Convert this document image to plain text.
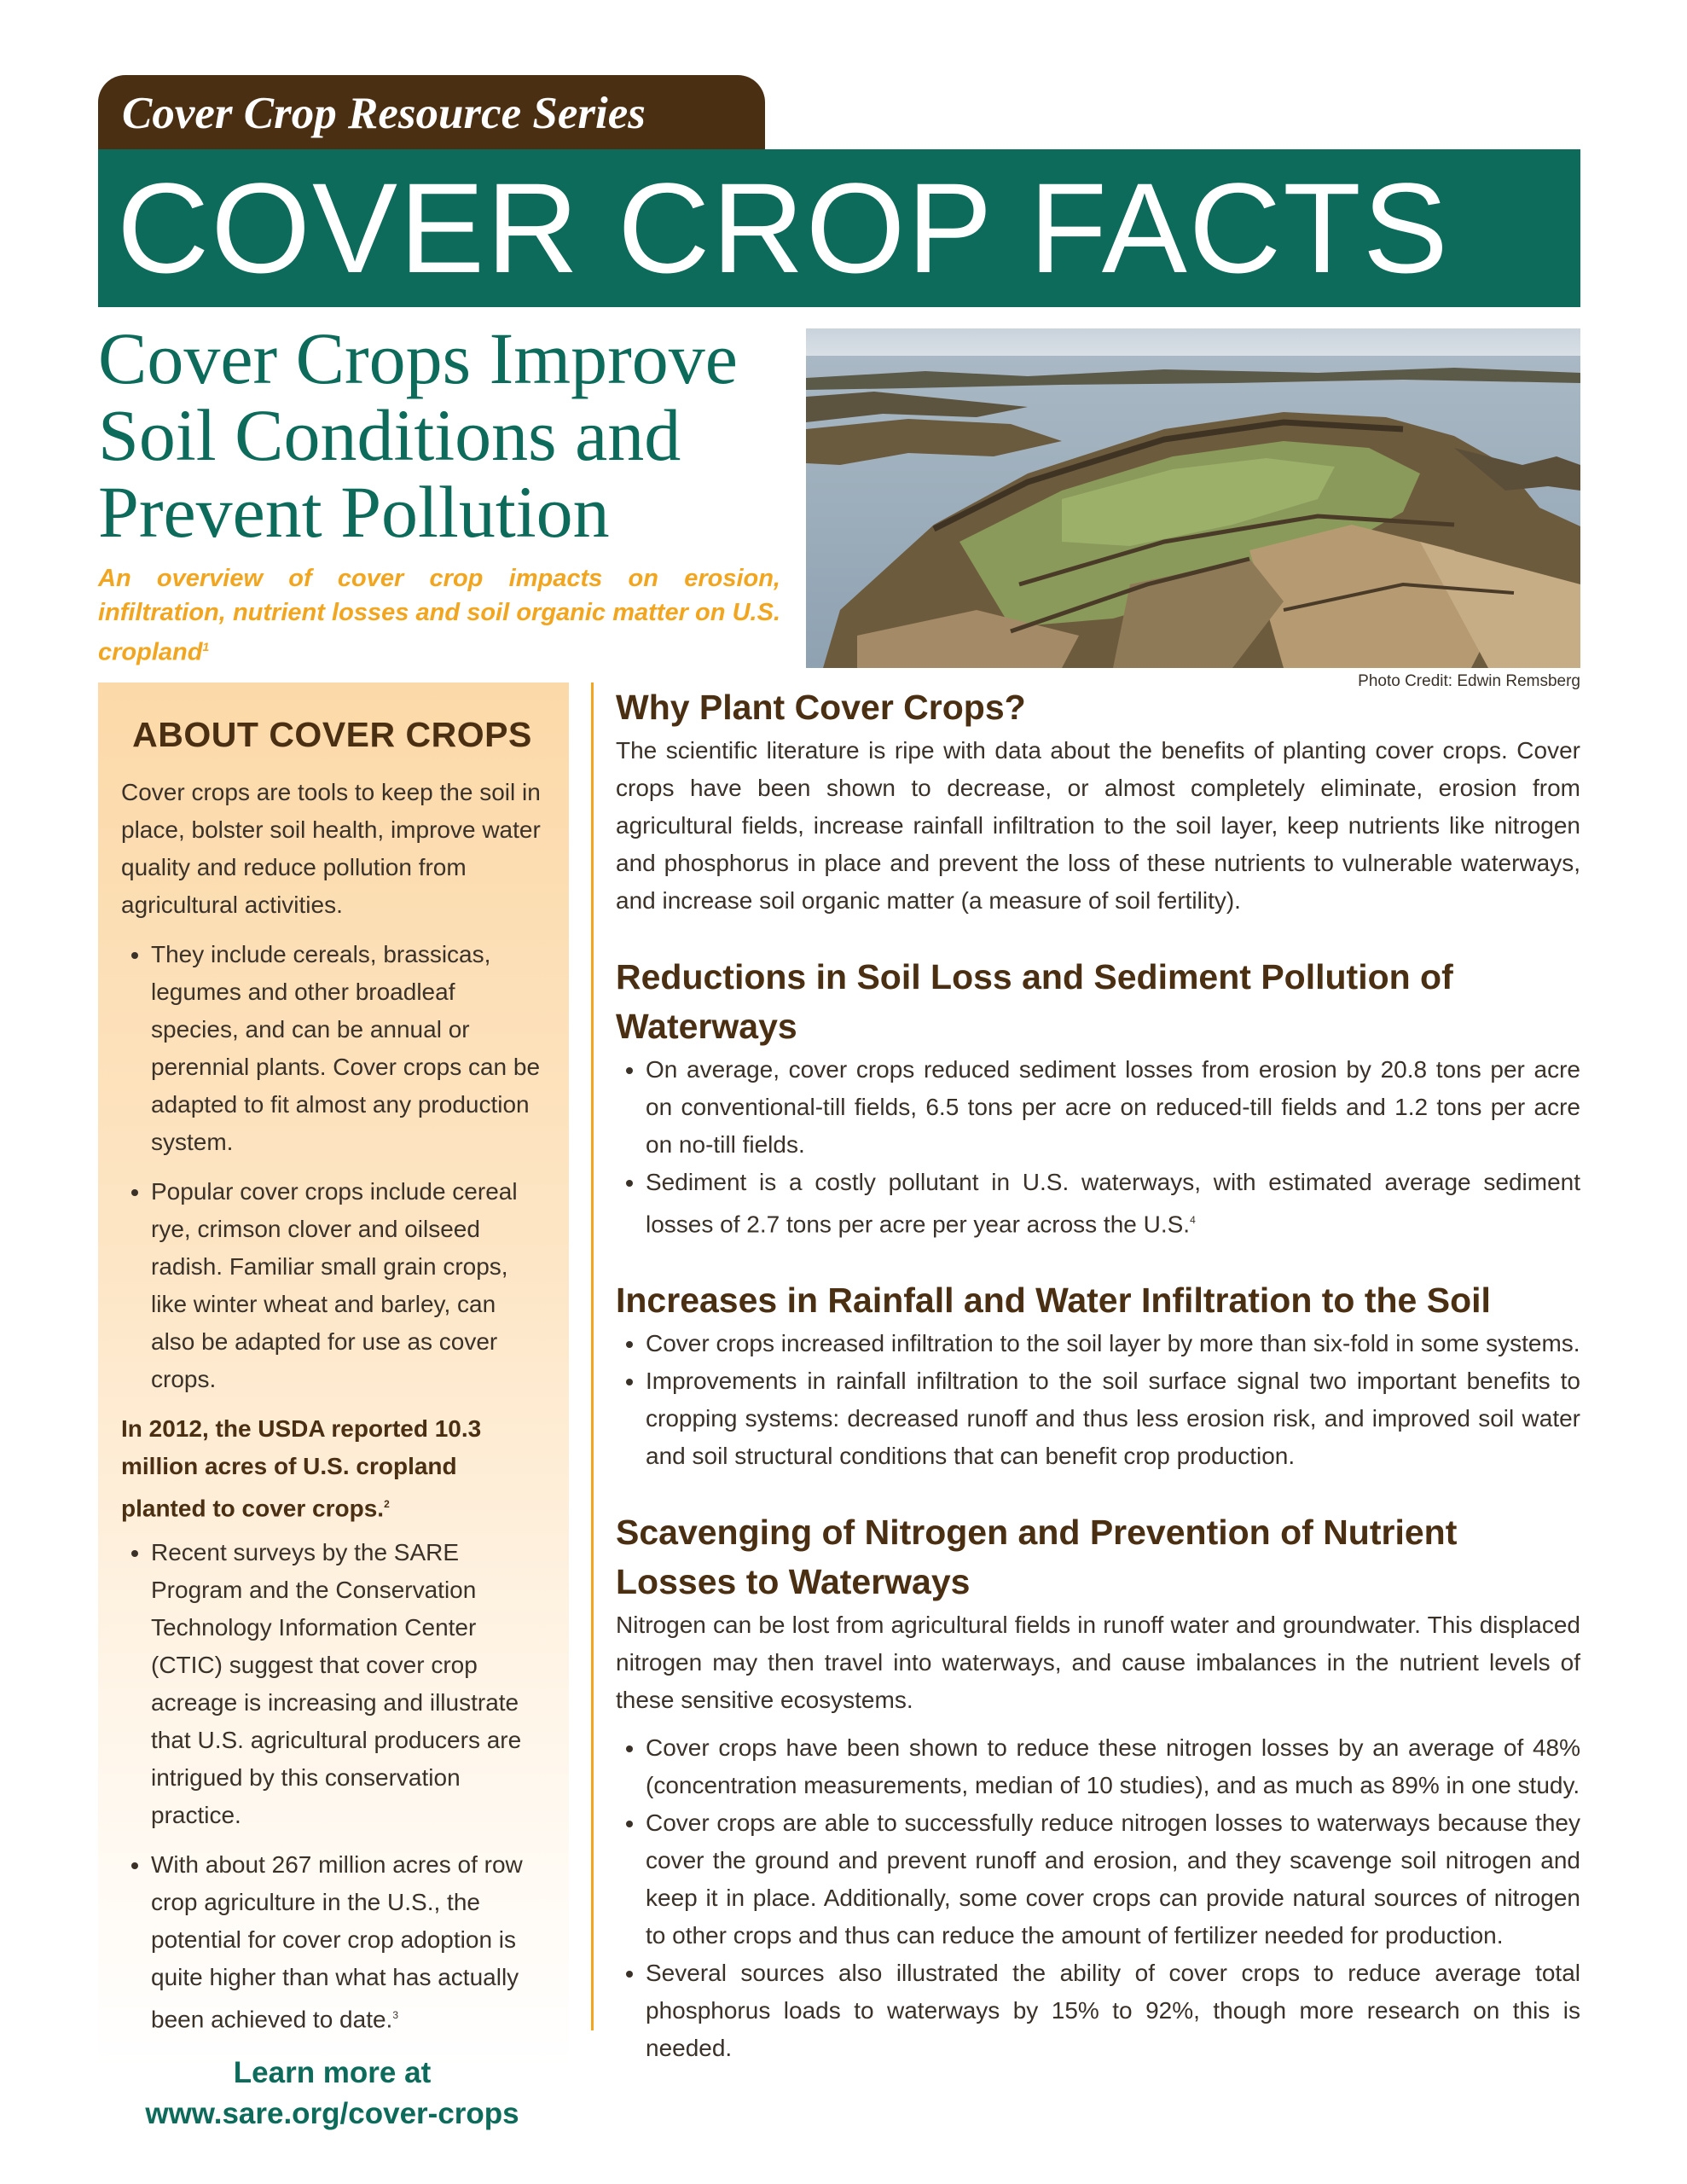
Cover Crop Resource Series
COVER CROP FACTS
Cover Crops Improve
Soil Conditions and
Prevent Pollution

An overview of cover crop impacts on erosion, infiltration, nutrient losses and soil organic matter on U.S. cropland$^1$

Photo Credit: Edwin Remsberg
ABOUT COVER CROPS

Cover crops are tools to keep the soil in place, bolster soil health, improve water quality and reduce pollution from agricultural activities.

• They include cereals, brassicas, legumes and other broadleaf species, and can be annual or perennial plants. Cover crops can be adapted to fit almost any production system.
• Popular cover crops include cereal rye, crimson clover and oilseed radish. Familiar small grain crops, like winter wheat and barley, can also be adapted for use as cover crops.

In 2012, the USDA reported 10.3 million acres of U.S. cropland planted to cover crops.$^2$

• Recent surveys by the SARE Program and the Conservation Technology Information Center (CTIC) suggest that cover crop acreage is increasing and illustrate that U.S. agricultural producers are intrigued by this conservation practice.
• With about 267 million acres of row crop agriculture in the U.S., the potential for cover crop adoption is quite higher than what has actually been achieved to date.$^3$
Learn more at
www.sare.org/cover-crops
Why Plant Cover Crops?

The scientific literature is ripe with data about the benefits of planting cover crops. Cover crops have been shown to decrease, or almost completely eliminate, erosion from agricultural fields, increase rainfall infiltration to the soil layer, keep nutrients like nitrogen and phosphorus in place and prevent the loss of these nutrients to vulnerable waterways, and increase soil organic matter (a measure of soil fertility).

Reductions in Soil Loss and Sediment Pollution of Waterways
• On average, cover crops reduced sediment losses from erosion by 20.8 tons per acre on conventional-till fields, 6.5 tons per acre on reduced-till fields and 1.2 tons per acre on no-till fields.
• Sediment is a costly pollutant in U.S. waterways, with estimated average sediment losses of 2.7 tons per acre per year across the U.S.$^4$
Increases in Rainfall and Water Infiltration to the Soil
• Cover crops increased infiltration to the soil layer by more than six-fold in some systems.
• Improvements in rainfall infiltration to the soil surface signal two important benefits to cropping systems: decreased runoff and thus less erosion risk, and improved soil water and soil structural conditions that can benefit crop production.
Scavenging of Nitrogen and Prevention of Nutrient Losses to Waterways

Nitrogen can be lost from agricultural fields in runoff water and groundwater. This displaced nitrogen may then travel into waterways, and cause imbalances in the nutrient levels of these sensitive ecosystems.

• Cover crops have been shown to reduce these nitrogen losses by an average of 48% (concentration measurements, median of 10 studies), and as much as 89% in one study.
• Cover crops are able to successfully reduce nitrogen losses to waterways because they cover the ground and prevent runoff and erosion, and they scavenge soil nitrogen and keep it in place. Additionally, some cover crops can provide natural sources of nitrogen to other crops and thus can reduce the amount of fertilizer needed for production.
• Several sources also illustrated the ability of cover crops to reduce average total phosphorus loads to waterways by 15% to 92%, though more research on this is needed.
